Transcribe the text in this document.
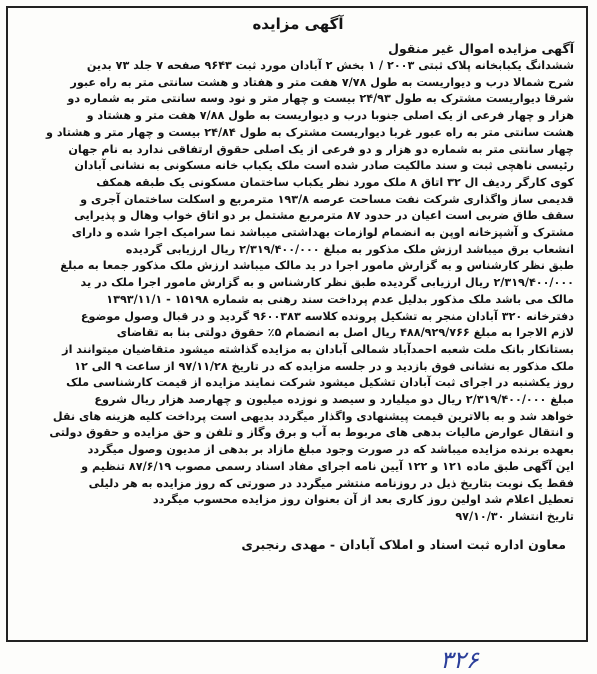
آگهی مزایده
آگهی مزایده اموال غیر منقول
ششدانگ یکبابخانه پلاک ثبتی ۲۰۰۳ / ۱ بخش ۲ آبادان مورد ثبت ۹۶۴۳ صفحه ۷ جلد ۷۳ بدین
شرح شمالا درب و دیواریست به طول ۷/۷۸ هفت متر و هفتاد و هشت سانتی متر به راه عبور
شرقا دیواریست مشترک به طول ۲۴/۹۳ بیست و چهار متر و نود وسه سانتی متر به شماره دو
هزار و چهار فرعی از یک اصلی جنوبا درب و دیواریست به طول ۷/۸۸ هفت متر و هشتاد و
هشت سانتی متر به راه عبور غربا دیواریست مشترک به طول ۲۴/۸۴ بیست و چهار متر و هشتاد و
چهار سانتی متر به شماره دو هزار و دو فرعی از یک اصلی حقوق ارتفاقی ندارد به نام جهان
رئیسی ناهچی ثبت و سند مالکیت صادر شده است ملک یکباب خانه مسکونی به نشانی آبادان
کوی کارگر ردیف ال ۳۲ اتاق ۸ ملک مورد نظر یکباب ساختمان مسکونی یک طبقه همکف
قدیمی ساز واگذاری شرکت نفت مساحت عرصه ۱۹۳/۸ مترمربع و اسکلت ساختمان آجری و
سقف طاق ضربی است اعیان در حدود ۸۷ مترمربع مشتمل بر دو اتاق خواب وهال و پذیرایی
مشترک و آشپزخانه اوپن به انضمام لوازمات بهداشتی میباشد نما سرامیک اجرا شده و دارای
انشعاب برق میباشد ارزش ملک مذکور به مبلغ ۲/۳۱۹/۴۰۰/۰۰۰ ریال ارزیابی گردیده
طبق نظر کارشناس و به گزارش مامور اجرا در ید مالک میباشد ارزش ملک مذکور جمعا به مبلغ
۲/۳۱۹/۴۰۰/۰۰۰ ریال ارزیابی گردیده طبق نظر کارشناس و به گزارش مامور اجرا ملک در ید
مالک می باشد ملک مذکور بدلیل عدم پرداخت سند رهنی به شماره ۱۵۱۹۸ - ۱۳۹۳/۱۱/۱
دفترخانه ۳۲۰ آبادان منجر به تشکیل پرونده کلاسه ۹۶۰۰۳۸۳ گردید و در قبال وصول موضوع
لازم الاجرا به مبلغ ۴۸۸/۹۲۹/۷۶۶ ریال اصل به انضمام ۵٪ حقوق دولتی بنا به تقاضای
بستانکار بانک ملت شعبه احمدآباد شمالی آبادان به مزایده گذاشته میشود متقاضیان میتوانند از
ملک مذکور به نشانی فوق بازدید و در جلسه مزایده که در تاریخ ۹۷/۱۱/۲۸ از ساعت ۹ الی ۱۲
روز یکشنبه در اجرای ثبت آبادان تشکیل میشود شرکت نمایند مزایده از قیمت کارشناسی ملک
مبلغ ۲/۳۱۹/۴۰۰/۰۰۰ ریال دو میلیارد و سیصد و نوزده میلیون و چهارصد هزار ریال شروع
خواهد شد و به بالاترین قیمت پیشنهادی واگذار میگردد بدیهی است پرداخت کلیه هزینه های نقل
و انتقال عوارض مالیات بدهی های مربوط به آب و برق وگاز و تلفن و حق مزایده و حقوق دولتی
بعهده برنده مزایده میباشد که در صورت وجود مبلغ مازاد بر بدهی از مدیون وصول میگردد
این آگهی طبق ماده ۱۲۱ و ۱۲۲ آیین نامه اجرای مفاد اسناد رسمی مصوب ۸۷/۶/۱۹ تنظیم و
فقط یک نوبت بتاریخ ذیل در روزنامه منتشر میگردد در صورتی که روز مزایده به هر دلیلی
تعطیل اعلام شد اولین روز کاری بعد از آن بعنوان روز مزایده محسوب میگردد
تاریخ انتشار ۹۷/۱۰/۳۰
معاون اداره ثبت اسناد و املاک آبادان - مهدی رنجبری
۳۲۶
